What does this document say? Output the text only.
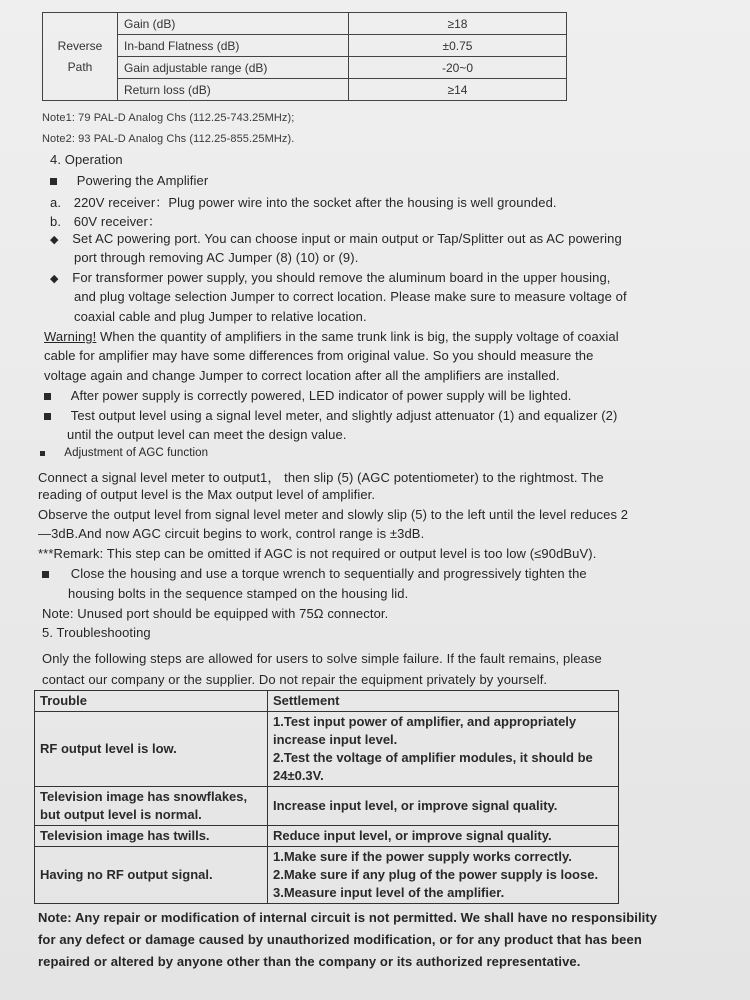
Reverse
Path	Gain (dB)	≥18
	In-band Flatness (dB)	±0.75
	Gain adjustable range (dB)	-20~0
	Return loss (dB)	≥14
Note1: 79 PAL-D Analog Chs (112.25-743.25MHz);
Note2: 93 PAL-D Analog Chs (112.25-855.25MHz).
4. Operation
Powering the Amplifier
a. 220V receiver：Plug power wire into the socket after the housing is well grounded.
b. 60V receiver：
◆ Set AC powering port. You can choose input or main output or Tap/Splitter out as AC powering
port through removing AC Jumper (8) (10) or (9).
◆ For transformer power supply, you should remove the aluminum board in the upper housing,
and plug voltage selection Jumper to correct location. Please make sure to measure voltage of
coaxial cable and plug Jumper to relative location.
Warning! When the quantity of amplifiers in the same trunk link is big, the supply voltage of coaxial
cable for amplifier may have some differences from original value. So you should measure the
voltage again and change Jumper to correct location after all the amplifiers are installed.
After power supply is correctly powered, LED indicator of power supply will be lighted.
Test output level using a signal level meter, and slightly adjust attenuator (1) and equalizer (2)
until the output level can meet the design value.
Adjustment of AGC function
Connect a signal level meter to output1， then slip (5) (AGC potentiometer) to the rightmost. The
reading of output level is the Max output level of amplifier.
Observe the output level from signal level meter and slowly slip (5) to the left until the level reduces 2
—3dB.And now AGC circuit begins to work, control range is ±3dB.
***Remark: This step can be omitted if AGC is not required or output level is too low (≤90dBuV).
Close the housing and use a torque wrench to sequentially and progressively tighten the
housing bolts in the sequence stamped on the housing lid.
Note: Unused port should be equipped with 75Ω connector.
5. Troubleshooting
Only the following steps are allowed for users to solve simple failure. If the fault remains, please
contact our company or the supplier. Do not repair the equipment privately by yourself.
Trouble	Settlement
RF output level is low.	1.Test input power of amplifier, and appropriately
increase input level.
2.Test the voltage of amplifier modules, it should be
24±0.3V.

Television image has snowflakes, but output level is normal.	Increase input level, or improve signal quality.
Television image has twills.	Reduce input level, or improve signal quality.
Having no RF output signal.	1.Make sure if the power supply works correctly.
2.Make sure if any plug of the power supply is loose.
3.Measure input level of the amplifier.
Note: Any repair or modification of internal circuit is not permitted. We shall have no responsibility
for any defect or damage caused by unauthorized modification, or for any product that has been
repaired or altered by anyone other than the company or its authorized representative.
